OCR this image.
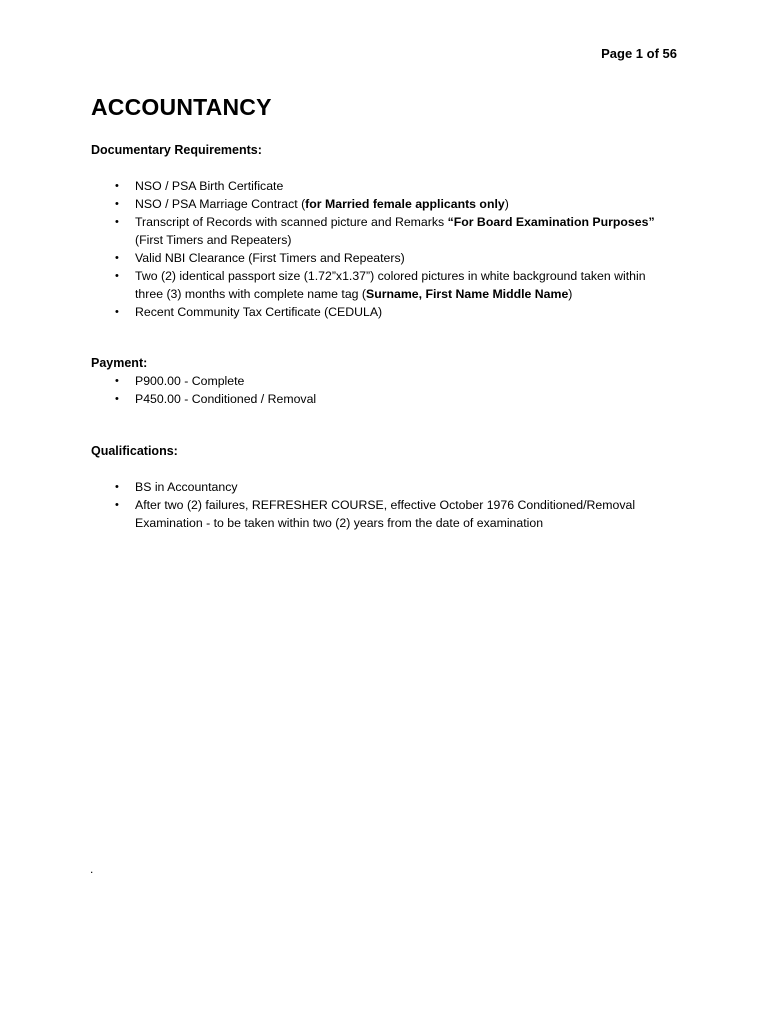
Page 1 of 56
ACCOUNTANCY
Documentary Requirements:
• NSO / PSA Birth Certificate
• NSO / PSA Marriage Contract (for Married female applicants only)
• Transcript of Records with scanned picture and Remarks “For Board Examination Purposes”
(First Timers and Repeaters)
• Valid NBI Clearance (First Timers and Repeaters)
• Two (2) identical passport size (1.72”x1.37”) colored pictures in white background taken within
three (3) months with complete name tag (Surname, First Name Middle Name)
• Recent Community Tax Certificate (CEDULA)
Payment:
• P900.00 - Complete
• P450.00 - Conditioned / Removal
Qualifications:
• BS in Accountancy
• After two (2) failures, REFRESHER COURSE, effective October 1976 Conditioned/Removal
Examination - to be taken within two (2) years from the date of examination
.
